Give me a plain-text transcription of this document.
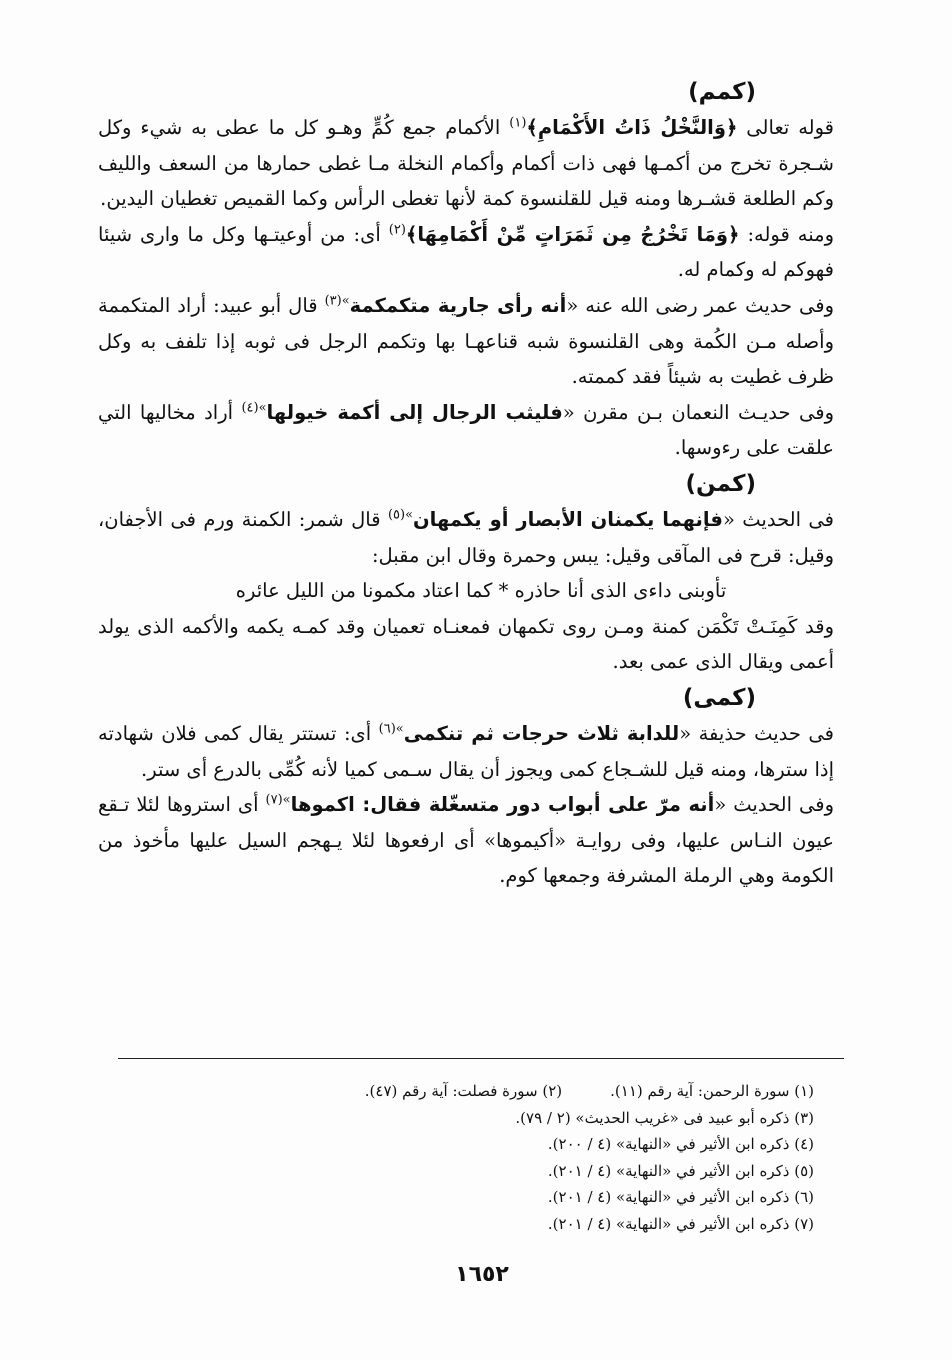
(كمم)

قوله تعالى ﴿وَالنَّخْلُ ذَاتُ الأَكْمَامِ﴾$^{(١)}$ الأكمام جمع كُمٍّ وهـو كل ما عطى به شيء وكل شـجرة تخرج من أكمـها فهى ذات أكمام وأكمام النخلة مـا غطى حمارها من السعف والليف وكم الطلعة قشـرها ومنه قيل للقلنسوة كمة لأنها تغطى الرأس وكما القميص تغطيان اليدين.

ومنه قوله: ﴿وَمَا تَخْرُجُ مِن ثَمَرَاتٍ مِّنْ أَكْمَامِهَا﴾$^{(٢)}$ أى: من أوعيتـها وكل ما وارى شيئا فهوكم له وكمام له.

وفى حديث عمر رضى الله عنه «أنه رأى جارية متكمكمة$^{»(٣)}$ قال أبو عبيد: أراد المتكممة وأصله مـن الكُمة وهى القلنسوة شبه قناعهـا بها وتكمم الرجل فى ثوبه إذا تلفف به وكل ظرف غطيت به شيئاً فقد كممته.

وفى حديـث النعمان بـن مقرن «فليثب الرجال إلى أكمة خيولها$^{»(٤)}$ أراد مخاليها التي علقت على رءوسها.

(كمن)

فى الحديث «فإنهما يكمنان الأبصار أو يكمهان$^{»(٥)}$ قال شمر: الكمنة ورم فى الأجفان، وقيل: قرح فى المآقى وقيل: يبس وحمرة وقال ابن مقبل:

تأوبنى داءى الذى أنا حاذره * كما اعتاد مكمونا من الليل عائره

وقد كَمِنَـتْ تَكْمَن كمنة ومـن روى تكمهان فمعنـاه تعميان وقد كمـه يكمه والأكمه الذى يولد أعمى ويقال الذى عمى بعد.

(كمى)

فى حديث حذيفة «للدابة ثلاث حرجات ثم تنكمى$^{»(٦)}$ أى: تستتر يقال كمى فلان شهادته إذا سترها، ومنه قيل للشـجاع كمى ويجوز أن يقال سـمى كميا لأنه كُمِّى بالدرع أى ستر.

وفى الحديث «أنه مرّ على أبواب دور متسغّلة فقال: اكموها$^{»(٧)}$ أى استروها لئلا تـقع عيون النـاس عليها، وفى روايـة «أكيموها» أى ارفعوها لئلا يـهجم السيل عليها مأخوذ من الكومة وهي الرملة المشرفة وجمعها كوم.

(١) سورة الرحمن: آية رقم (١١).(٢) سورة فصلت: آية رقم (٤٧).
(٣) ذكره أبو عبيد فى «غريب الحديث» (٢ / ٧٩).
(٤) ذكره ابن الأثير في «النهاية» (٤ / ٢٠٠).
(٥) ذكره ابن الأثير في «النهاية» (٤ / ٢٠١).
(٦) ذكره ابن الأثير في «النهاية» (٤ / ٢٠١).
(٧) ذكره ابن الأثير في «النهاية» (٤ / ٢٠١).
١٦٥٢
